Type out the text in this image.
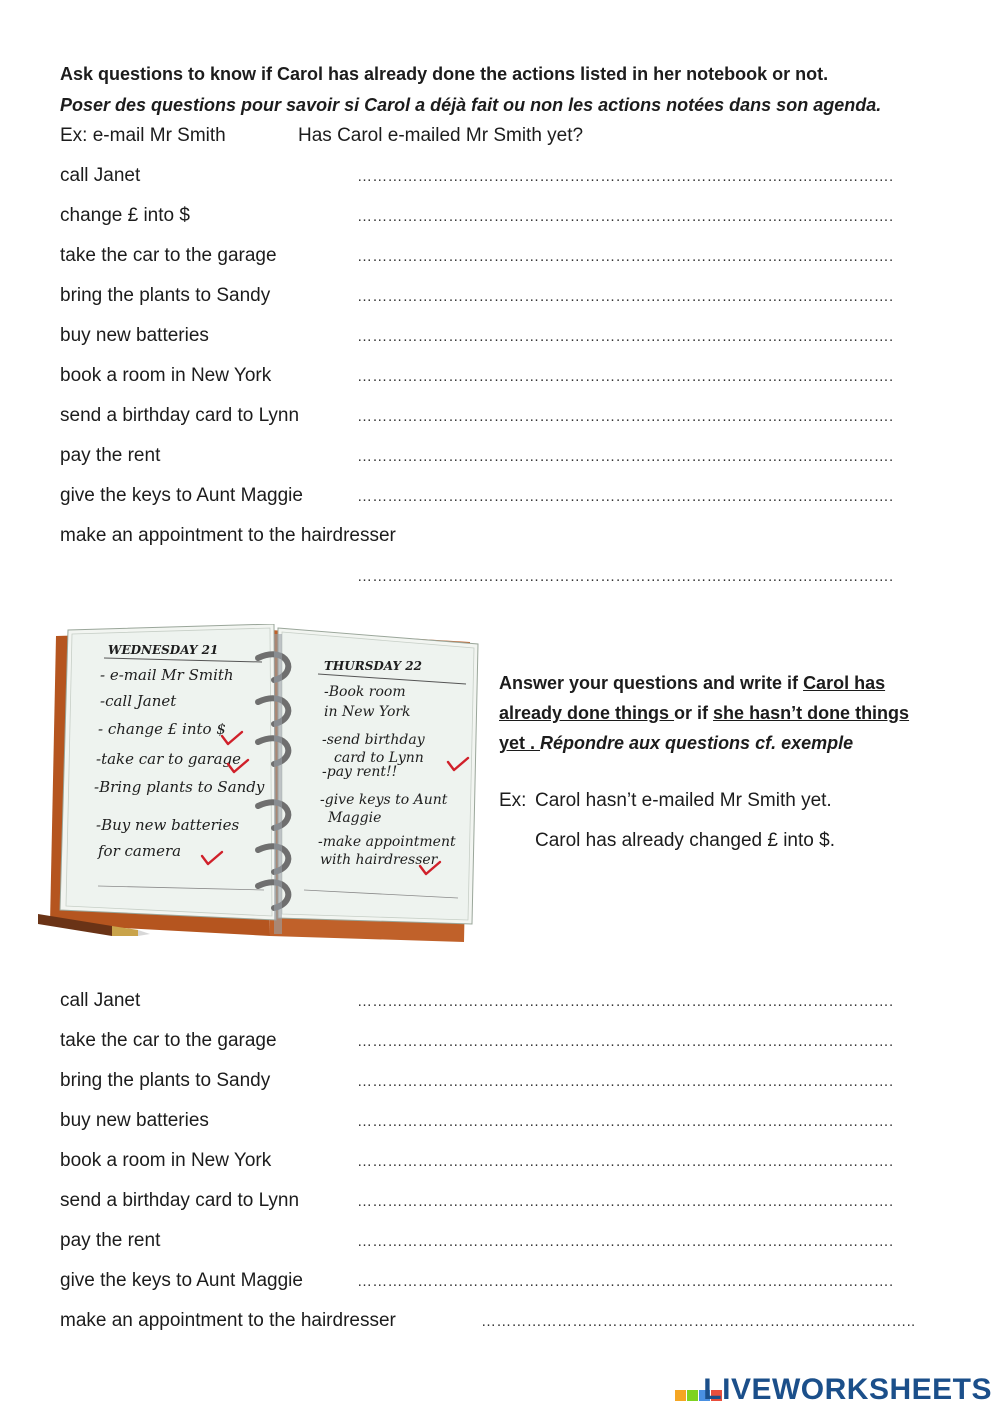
Ask questions to know if Carol has already done the actions listed in her notebook or not.
Poser des questions pour savoir si Carol a déjà fait ou non les actions notées dans son agenda.
Ex: e-mail Mr Smith	Has Carol e-mailed Mr Smith yet?
call Janet	…………………………………………………………………………………………….
change £ into $	…………………………………………………………………………………………….
take the car to the garage	…………………………………………………………………………………………….
bring the plants to Sandy	…………………………………………………………………………………………….
buy new batteries	…………………………………………………………………………………………….
book a room in New York	…………………………………………………………………………………………….
send a birthday card to Lynn	…………………………………………………………………………………………….
pay the rent	…………………………………………………………………………………………….
give the keys to Aunt Maggie	…………………………………………………………………………………………….
make an appointment to the hairdresser
…………………………………………………………………………………………….
WEDNESDAY 21
THURSDAY 22
- e-mail Mr Smith
-call Janet
- change £ into $
-take car to garage
-Bring plants to Sandy
-Buy new batteries
for camera
-Book room
in New York
-send birthday
card to Lynn
-pay rent!!
-give keys to Aunt
Maggie
-make appointment
with hairdresser
Answer your questions and write if Carol has already done things or if she hasn’t done things yet . Répondre aux questions cf. exemple
Ex: Carol hasn’t e-mailed Mr Smith yet.
Carol has already changed £ into $.
call Janet	…………………………………………………………………………………………….
take the car to the garage	…………………………………………………………………………………………….
bring the plants to Sandy	…………………………………………………………………………………………….
buy new batteries	…………………………………………………………………………………………….
book a room in New York	…………………………………………………………………………………………….
send a birthday card to Lynn	…………………………………………………………………………………………….
pay the rent	…………………………………………………………………………………………….
give the keys to Aunt Maggie	…………………………………………………………………………………………….
make an appointment to the hairdresser	…………………………………………………………………………..
LIVEWORKSHEETS
